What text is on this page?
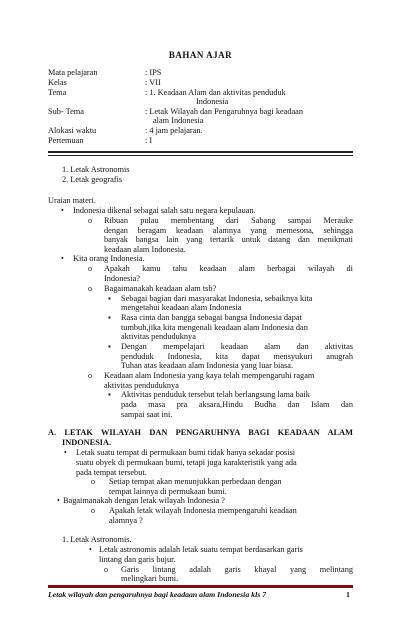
BAHAN AJAR
Mata pelajaran	: IPS
Kelas	: VII
Tema	: 1. Keadaan Alam dan aktivitas penduduk
Indonesia
Sub- Tema	: Letak Wilayah dan Pengaruhnya bagi keadaan
alam Indonesia
Alokasi waktu	: 4 jam pelajaran.
Pertemuan	: I
1. Letak Astronomis
2. Letak geografis
Uraian materi.
• Indonesia dikenal sebagai salah satu negara kepulauan.
o Ribuan pulau membentang dari Sabang sampai Merauke
dengan beragam keadaan alamnya yang memesona, sehingga
banyak bangsa lain yang tertarik untuk datang dan menikmati
keadaan alam Indonesia.
• Kita orang Indonesia.
o Apakah kamu tahu keadaan alam berbagai wilayah di
Indonesia?
o Bagaimanakah keadaan alam tsb?
▪ Sebagai bagian dari masyarakat Indonesia, sebaiknya kita
mengetahui keadaan alam Indonesia
▪ Rasa cinta dan bangga sebagai bangsa Indonesia dapat
tumbuh,jika kita mengenali keadaan alam Indonesia dan
aktivitas penduduknya
▪ Dengan mempelajari keadaan alam dan aktivitas
penduduk Indonesia, kita dapat mensyukuri anugrah
Tuhan atas keadaan alam Indonesia yang luar biasa.
o Keadaan alam Indonesia yang kaya telah mempengaruhi ragam
aktivitas penduduknya
▪ Aktivitas penduduk tersebut telah berlangsung lama baik
pada masa pra aksara,Hindu Budha dan Islam dan
sampai saat ini.
A. LETAK WILAYAH DAN PENGARUHNYA BAGI KEADAAN ALAM
INDONESIA.
• Letak suatu tempat di permukaan bumi tidak hanya sekadar posisi
suatu obyek di permukaan bumi, tetapi juga karakteristik yang ada
pada tempat tersebut.
o Setiap tempat akan menunjukkan perbedaan dengan
tempat lainnya di permukaan bumi.
• Bagaimanakah dengan letak wilayah Indonesia ?
o Apakah letak wilayah Indonesia mempengaruhi keadaan
alamnya ?
1. Letak Astronomis.
• Letak astronomis adalah letak suatu tempat berdasarkan garis
lintang dan garis bujur.
o Garis lintang adalah garis khayal yang melintang
melingkari bumi.
Letak wilayah dan pengaruhnya bagi keadaan alam Indonesia kls 7	1
